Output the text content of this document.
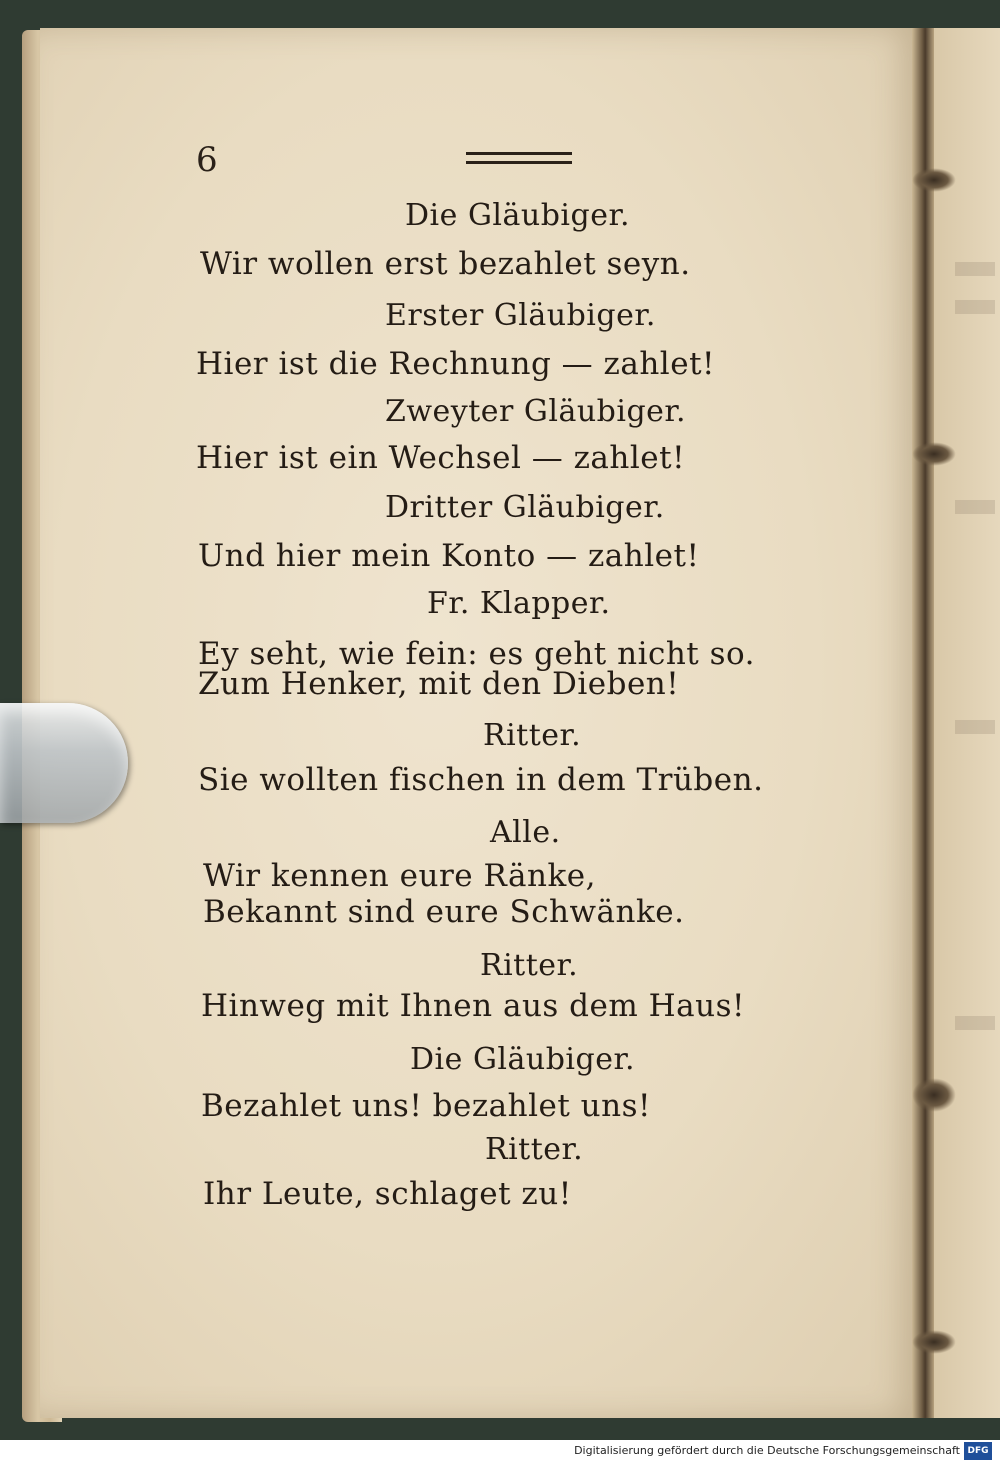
6
Die Gläubiger.
Wir wollen erst bezahlet seyn.
Erster Gläubiger.
Hier ist die Rechnung — zahlet!
Zweyter Gläubiger.
Hier ist ein Wechsel — zahlet!
Dritter Gläubiger.
Und hier mein Konto — zahlet!
Fr. Klapper.
Ey seht, wie fein: es geht nicht so.
Zum Henker, mit den Dieben!
Ritter.
Sie wollten fischen in dem Trüben.
Alle.
Wir kennen eure Ränke,
Bekannt sind eure Schwänke.
Ritter.
Hinweg mit Ihnen aus dem Haus!
Die Gläubiger.
Bezahlet uns! bezahlet uns!
Ritter.
Ihr Leute, schlaget zu!
Digitalisierung gefördert durch die Deutsche Forschungsgemeinschaft DFG
